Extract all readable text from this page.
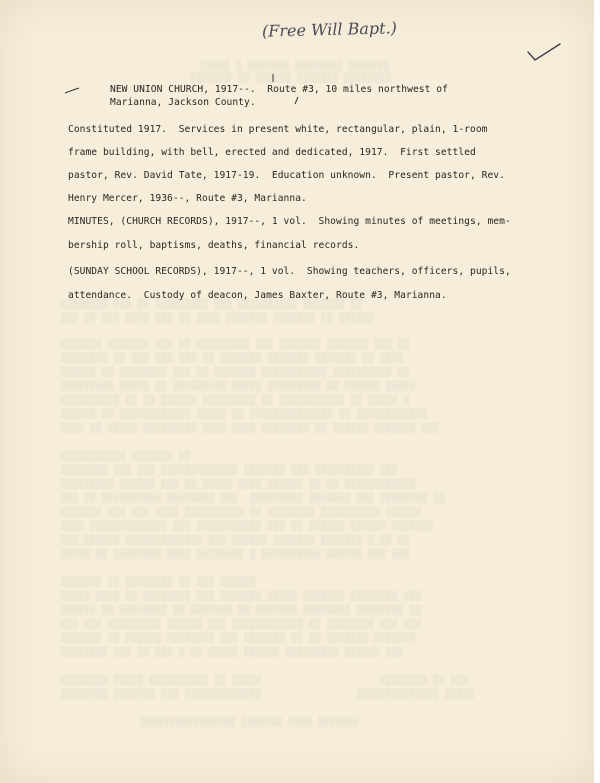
▒▒▒▒▒▒▒ ▒▒▒▒▒▒▒▒ ▒▒▒▒▒▒▒ ▒ ▒▒▒▒▒
▒▒▒▒▒▒▒▒ ▒▒▒▒▒▒▒ ▒▒▒▒▒▒ ▒▒ ▒▒▒▒▒▒▒
▒▒ ▒▒▒▒▒▒▒ ▒▒▒▒▒▒▒▒▒▒ ▒▒▒ ▒▒▒▒▒▒▒▒▒ ▒▒ ▒▒▒ ▒▒▒▒▒▒▒▒
▒▒▒▒▒▒ ▒▒ ▒▒▒▒▒▒▒ ▒▒▒▒▒▒▒ ▒▒▒▒ ▒▒ ▒▒▒ ▒▒▒▒ ▒▒▒ ▒▒ ▒▒▒
▒▒ ▒▒▒ ▒▒▒▒▒▒▒ ▒▒▒▒▒▒▒ ▒▒▒ ▒▒▒▒▒▒▒▒▒ ▒▒ ▒▒▒ ▒▒▒▒▒▒▒ ▒▒▒▒▒▒▒
▒▒▒▒ ▒▒ ▒▒▒▒▒▒▒ ▒▒▒▒▒▒▒ ▒▒▒▒▒▒▒ ▒▒ ▒▒▒ ▒▒▒ ▒▒▒ ▒▒ ▒▒▒▒▒▒▒▒
▒▒ ▒▒▒▒▒▒▒▒▒▒ ▒▒▒▒▒▒▒▒▒▒▒ ▒▒▒▒▒▒▒ ▒▒ ▒▒▒ ▒▒▒▒▒▒▒▒ ▒▒ ▒▒▒▒▒▒
▒▒▒▒▒ ▒▒▒▒▒▒ ▒▒ ▒▒▒▒▒▒▒▒▒ ▒▒▒▒▒ ▒▒▒▒▒▒▒▒▒ ▒▒ ▒▒▒▒▒ ▒▒▒▒▒▒▒▒▒
▒ ▒▒▒▒▒ ▒▒ ▒▒▒▒▒▒▒▒▒▒▒ ▒▒ ▒▒▒▒▒▒▒▒▒ ▒▒▒▒▒▒ ▒▒ ▒▒ ▒▒▒▒▒▒▒▒▒▒
▒▒▒▒▒▒▒▒▒▒▒▒ ▒▒ ▒▒▒▒▒▒▒▒▒▒▒▒▒▒ ▒▒ ▒▒▒▒▒ ▒▒▒▒▒▒▒▒▒▒▒▒ ▒▒ ▒▒▒▒▒▒
▒▒▒ ▒▒▒▒▒▒▒ ▒▒▒▒▒▒ ▒▒ ▒▒▒▒▒▒▒▒ ▒▒▒▒ ▒▒▒▒ ▒▒▒▒▒▒▒▒▒ ▒▒▒▒▒ ▒▒ ▒▒▒▒
▒▒ ▒▒▒▒▒▒▒ ▒▒▒▒▒▒▒▒▒▒▒
▒▒▒ ▒▒▒▒▒▒▒▒▒▒ ▒▒▒ ▒▒▒▒▒▒▒ ▒▒▒▒▒▒▒▒▒▒▒▒▒ ▒▒▒ ▒▒▒ ▒▒▒▒▒▒▒▒
▒▒▒▒▒▒▒▒▒▒▒▒ ▒▒ ▒▒ ▒▒▒▒▒▒ ▒▒▒▒ ▒▒▒▒▒ ▒▒ ▒▒▒ ▒▒▒▒▒▒ ▒▒▒▒▒▒▒▒▒
▒▒ ▒▒▒▒▒▒▒▒ ▒▒▒ ▒▒▒▒▒▒▒ ▒▒▒▒▒▒▒▒▒  ▒▒▒ ▒▒▒▒▒▒▒▒ ▒▒▒▒▒▒▒▒▒▒ ▒▒ ▒▒▒
▒▒▒▒▒▒ ▒▒▒▒▒▒▒▒▒▒ ▒▒▒▒▒▒▒▒ ▒▒ ▒▒▒▒▒▒▒▒▒▒ ▒▒▒▒ ▒▒▒ ▒▒▒ ▒▒▒▒▒▒▒
▒▒▒▒▒▒▒ ▒▒▒▒▒▒ ▒▒▒▒▒▒ ▒▒ ▒▒▒ ▒▒▒▒▒▒▒▒▒▒▒ ▒▒▒ ▒▒▒▒▒▒▒▒▒▒▒▒▒ ▒▒▒▒
▒▒ ▒▒ ▒ ▒▒▒▒▒▒▒ ▒▒▒▒▒▒▒ ▒▒▒▒▒▒ ▒▒▒ ▒▒▒▒▒▒▒▒▒▒▒▒▒ ▒▒▒▒▒▒ ▒▒▒
▒▒▒ ▒▒▒ ▒▒▒▒▒▒ ▒▒▒▒▒▒▒▒▒▒ ▒ ▒▒▒▒▒▒▒▒ ▒▒▒▒ ▒▒▒▒▒▒▒▒ ▒▒ ▒▒▒▒▒
▒▒▒▒▒▒ ▒▒▒ ▒▒ ▒▒▒▒▒▒▒▒ ▒▒ ▒▒▒▒▒▒▒
▒▒▒ ▒▒▒▒▒▒▒▒ ▒▒▒▒▒▒▒ ▒▒▒▒▒ ▒▒▒▒▒▒▒ ▒▒▒ ▒▒▒▒▒▒▒▒ ▒▒ ▒▒▒▒ ▒▒▒▒▒
▒▒ ▒▒▒▒▒▒▒▒ ▒▒▒▒▒▒▒▒ ▒▒▒▒▒▒▒ ▒▒ ▒▒▒▒▒▒▒ ▒▒ ▒▒▒▒▒▒▒▒ ▒▒ ▒▒▒▒▒▒
▒▒▒ ▒▒▒ ▒▒▒▒▒▒▒▒ ▒▒ ▒▒▒▒▒▒▒▒▒▒▒▒ ▒▒▒ ▒▒▒▒▒▒ ▒▒▒▒▒▒▒▒▒ ▒▒▒ ▒▒▒
▒▒▒▒▒▒▒ ▒▒▒▒▒▒▒ ▒▒ ▒▒ ▒▒▒▒▒▒▒ ▒▒▒ ▒▒▒▒▒▒▒▒ ▒▒▒▒▒▒ ▒▒ ▒▒▒▒▒▒▒
▒▒▒ ▒▒▒▒▒▒ ▒▒▒▒▒▒▒▒▒ ▒▒▒▒▒▒ ▒▒▒▒▒ ▒▒ ▒ ▒▒▒ ▒▒ ▒▒▒ ▒▒▒▒▒▒▒▒
▒▒▒ ▒▒ ▒▒▒▒▒▒▒▒                    ▒▒▒▒▒ ▒▒ ▒▒▒▒▒▒▒▒▒▒ ▒▒▒▒▒ ▒▒▒▒▒▒▒▒
▒▒▒▒▒ ▒▒▒▒▒▒▒▒▒▒▒▒▒▒                ▒▒▒▒▒▒▒▒▒▒▒▒▒ ▒▒▒ ▒▒▒▒▒▒▒ ▒▒▒▒▒▒▒▒
▒▒▒▒▒▒▒ ▒▒▒▒ ▒▒▒▒▒▒▒ ▒▒▒▒▒▒▒▒▒▒▒▒▒▒▒▒
(Free Will Bapt.)
NEW UNION CHURCH, 1917--.  Route #3, 10 miles northwest of
Marianna, Jackson County.
Constituted 1917.  Services in present white, rectangular, plain, 1-room
frame building, with bell, erected and dedicated, 1917.  First settled
pastor, Rev. David Tate, 1917-19.  Education unknown.  Present pastor, Rev.
Henry Mercer, 1936--, Route #3, Marianna.
MINUTES, (CHURCH RECORDS), 1917--, 1 vol.  Showing minutes of meetings, mem-
bership roll, baptisms, deaths, financial records.
(SUNDAY SCHOOL RECORDS), 1917--, 1 vol.  Showing teachers, officers, pupils,
attendance.  Custody of deacon, James Baxter, Route #3, Marianna.
